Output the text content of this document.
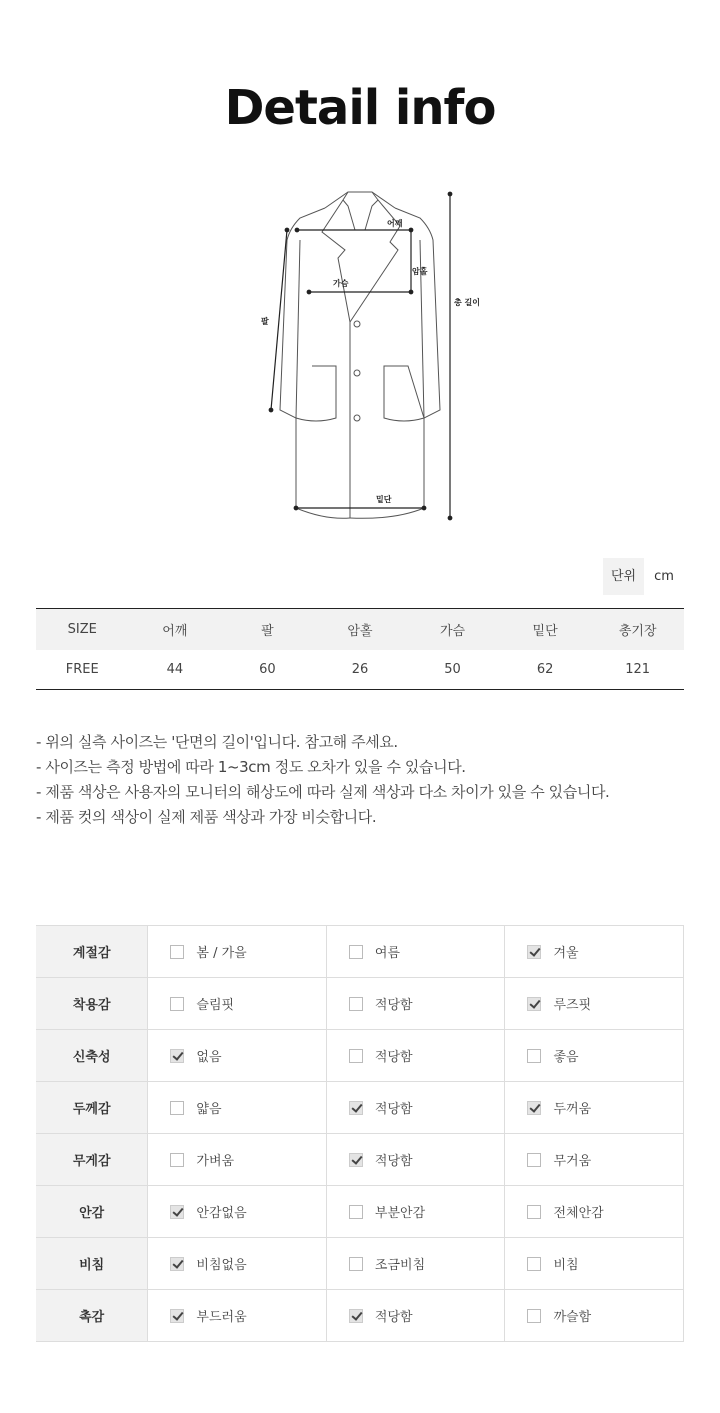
Detail info
어깨
암홀
가슴
팔
총 길이
밑단
단위	cm
SIZE	어깨	팔	암홀	가슴	밑단	총기장
FREE	44	60	26	50	62	121
- 위의 실측 사이즈는 '단면의 길이'입니다. 참고해 주세요.
- 사이즈는 측정 방법에 따라 1~3cm 정도 오차가 있을 수 있습니다.
- 제품 색상은 사용자의 모니터의 해상도에 따라 실제 색상과 다소 차이가 있을 수 있습니다.
- 제품 컷의 색상이 실제 제품 색상과 가장 비슷합니다.
계절감	봄 / 가을	여름	겨울
착용감	슬림핏	적당함	루즈핏
신축성	없음	적당함	좋음
두께감	얇음	적당함	두꺼움
무게감	가벼움	적당함	무거움
안감	안감없음	부분안감	전체안감
비침	비침없음	조금비침	비침
촉감	부드러움	적당함	까슬함
